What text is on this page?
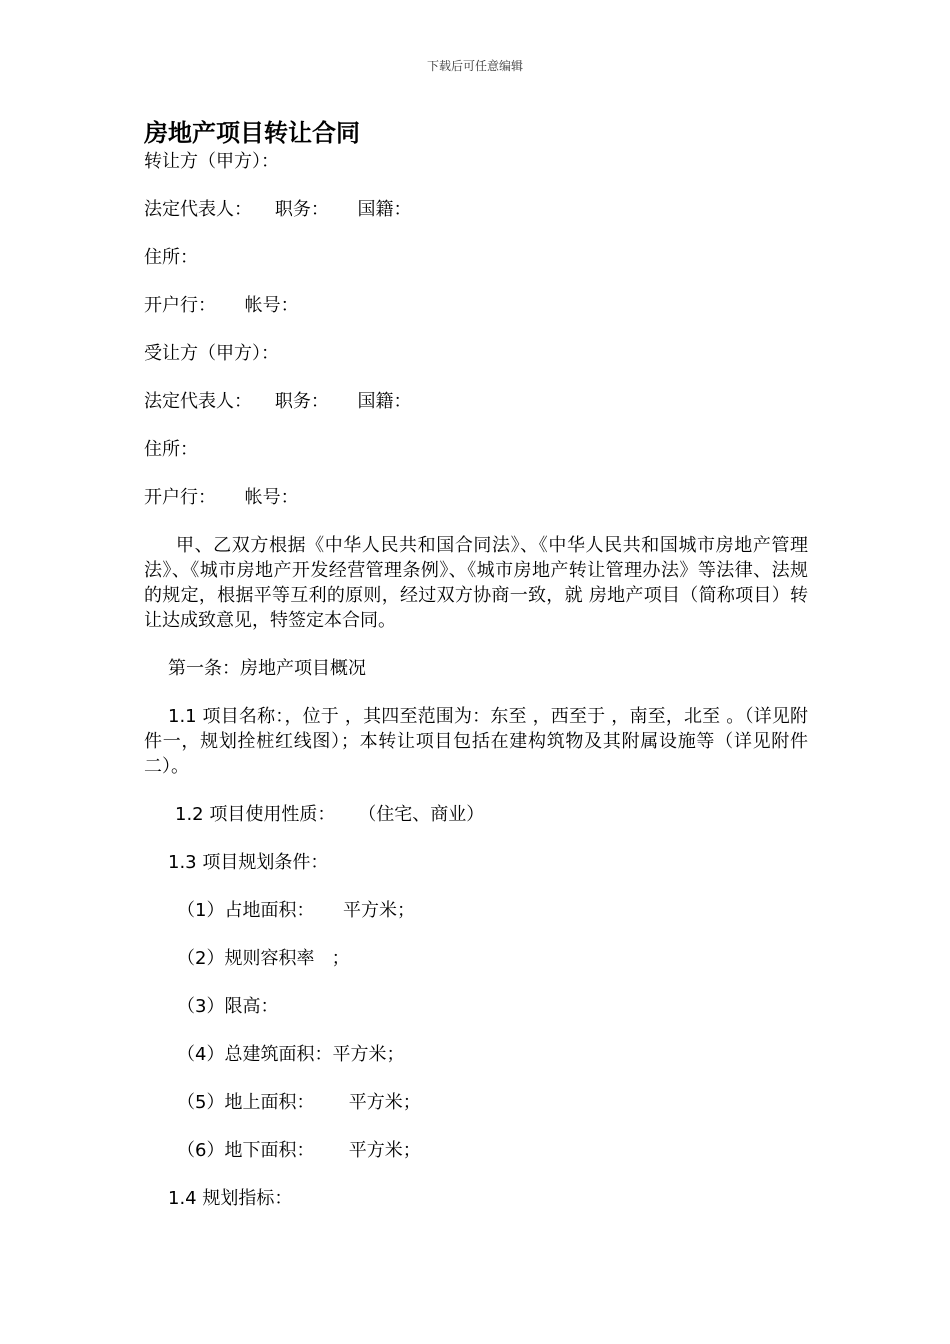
下载后可任意编辑
房地产项目转让合同

转让方（甲方）：

法定代表人：    职务：     国籍：

住所：

开户行：     帐号：

受让方（甲方）：

法定代表人：    职务：     国籍：

住所：

开户行：     帐号：

甲、乙双方根据《中华人民共和国合同法》、《中华人民共和国城市房地产管理法》、《城市房地产开发经营管理条例》、《城市房地产转让管理办法》等法律、法规的规定，根据平等互利的原则，经过双方协商一致，就 房地产项目（简称项目）转让达成致意见，特签定本合同。

第一条：房地产项目概况

1.1 项目名称：，位于 ，其四至范围为：东至 ，西至于 ，南至，北至 。（详见附件一，规划拴桩红线图）；本转让项目包括在建构筑物及其附属设施等（详见附件二）。

1.2 项目使用性质：    （住宅、商业）

1.3 项目规划条件：

（1）占地面积：     平方米；

（2）规则容积率   ；

（3）限高：

（4）总建筑面积：平方米；

（5）地上面积：      平方米；

（6）地下面积：      平方米；

1.4 规划指标：
